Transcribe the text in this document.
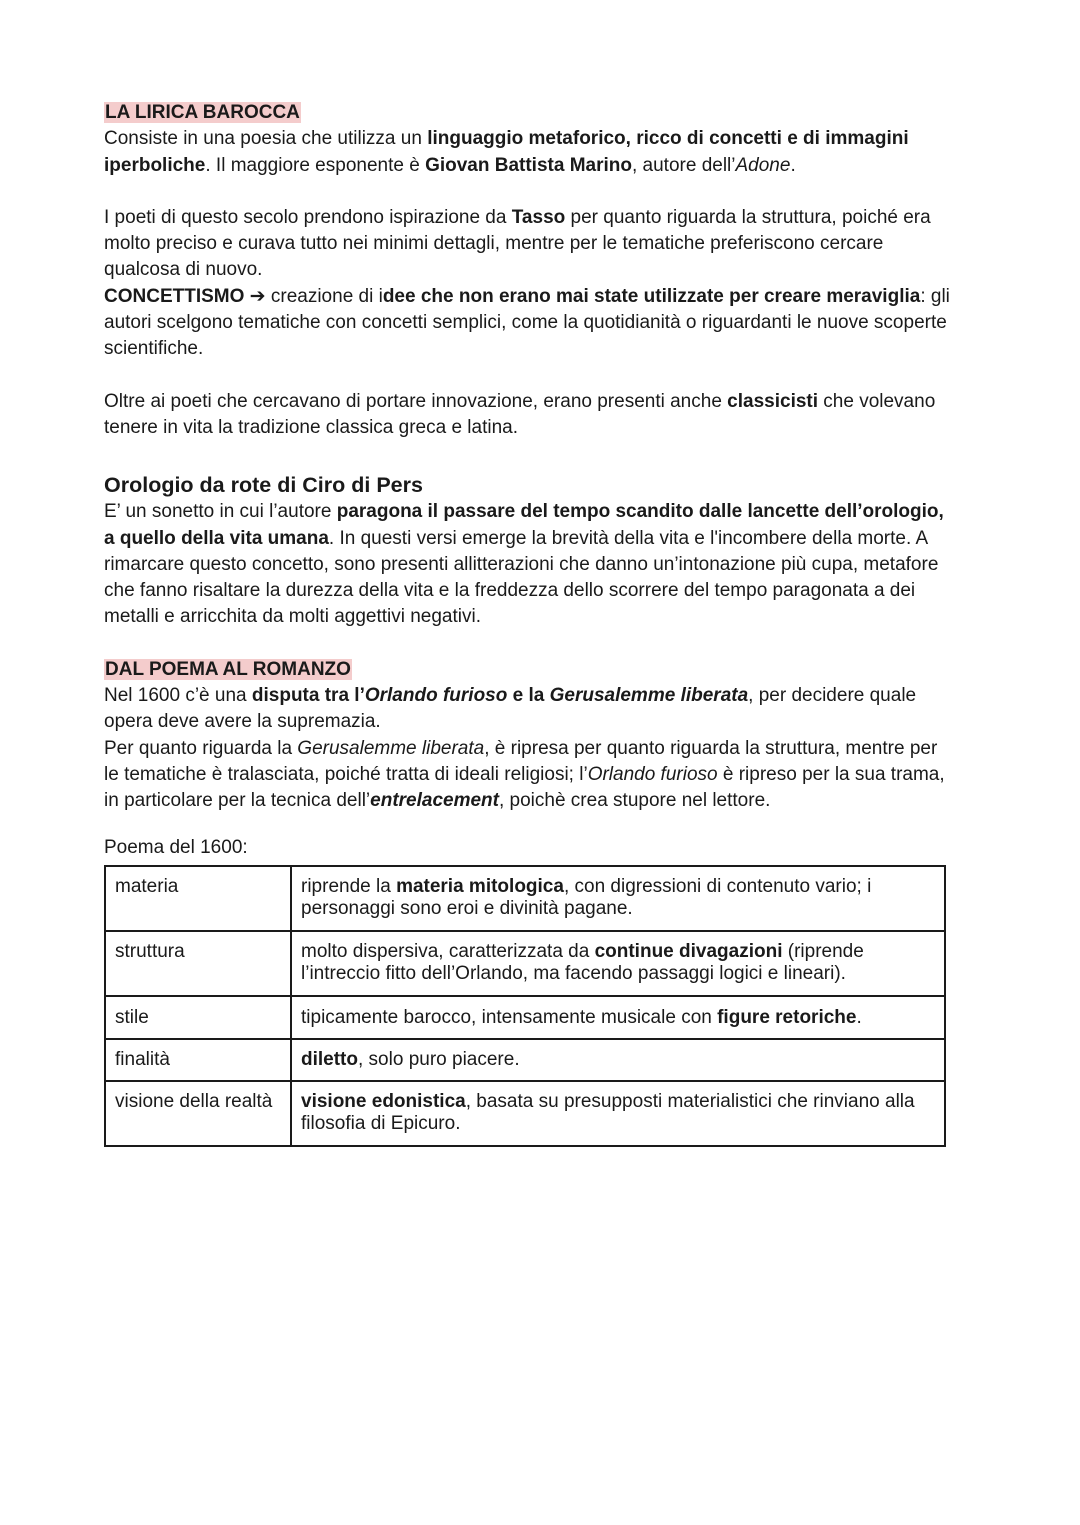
LA LIRICA BAROCCA

Consiste in una poesia che utilizza un linguaggio metaforico, ricco di concetti e di immagini iperboliche. Il maggiore esponente è Giovan Battista Marino, autore dell’Adone.

I poeti di questo secolo prendono ispirazione da Tasso per quanto riguarda la struttura, poiché era molto preciso e curava tutto nei minimi dettagli, mentre per le tematiche preferiscono cercare qualcosa di nuovo.

CONCETTISMO ➔ creazione di idee che non erano mai state utilizzate per creare meraviglia: gli autori scelgono tematiche con concetti semplici, come la quotidianità o riguardanti le nuove scoperte scientifiche.

Oltre ai poeti che cercavano di portare innovazione, erano presenti anche classicisti che volevano tenere in vita la tradizione classica greca e latina.

Orologio da rote di Ciro di Pers

E’ un sonetto in cui l’autore paragona il passare del tempo scandito dalle lancette dell’orologio, a quello della vita umana. In questi versi emerge la brevità della vita e l'incombere della morte. A rimarcare questo concetto, sono presenti allitterazioni che danno un’intonazione più cupa, metafore che fanno risaltare la durezza della vita e la freddezza dello scorrere del tempo paragonata a dei metalli e arricchita da molti aggettivi negativi.

DAL POEMA AL ROMANZO

Nel 1600 c’è una disputa tra l’Orlando furioso e la Gerusalemme liberata, per decidere quale opera deve avere la supremazia.

Per quanto riguarda la Gerusalemme liberata, è ripresa per quanto riguarda la struttura, mentre per le tematiche è tralasciata, poiché tratta di ideali religiosi; l’Orlando furioso è ripreso per la sua trama, in particolare per la tecnica dell’entrelacement, poichè crea stupore nel lettore.

Poema del 1600:

materia	riprende la materia mitologica, con digressioni di contenuto vario; i personaggi sono eroi e divinità pagane.
struttura	molto dispersiva, caratterizzata da continue divagazioni (riprende l’intreccio fitto dell’Orlando, ma facendo passaggi logici e lineari).
stile	tipicamente barocco, intensamente musicale con figure retoriche.
finalità	diletto, solo puro piacere.
visione della realtà	visione edonistica, basata su presupposti materialistici che rinviano alla filosofia di Epicuro.
